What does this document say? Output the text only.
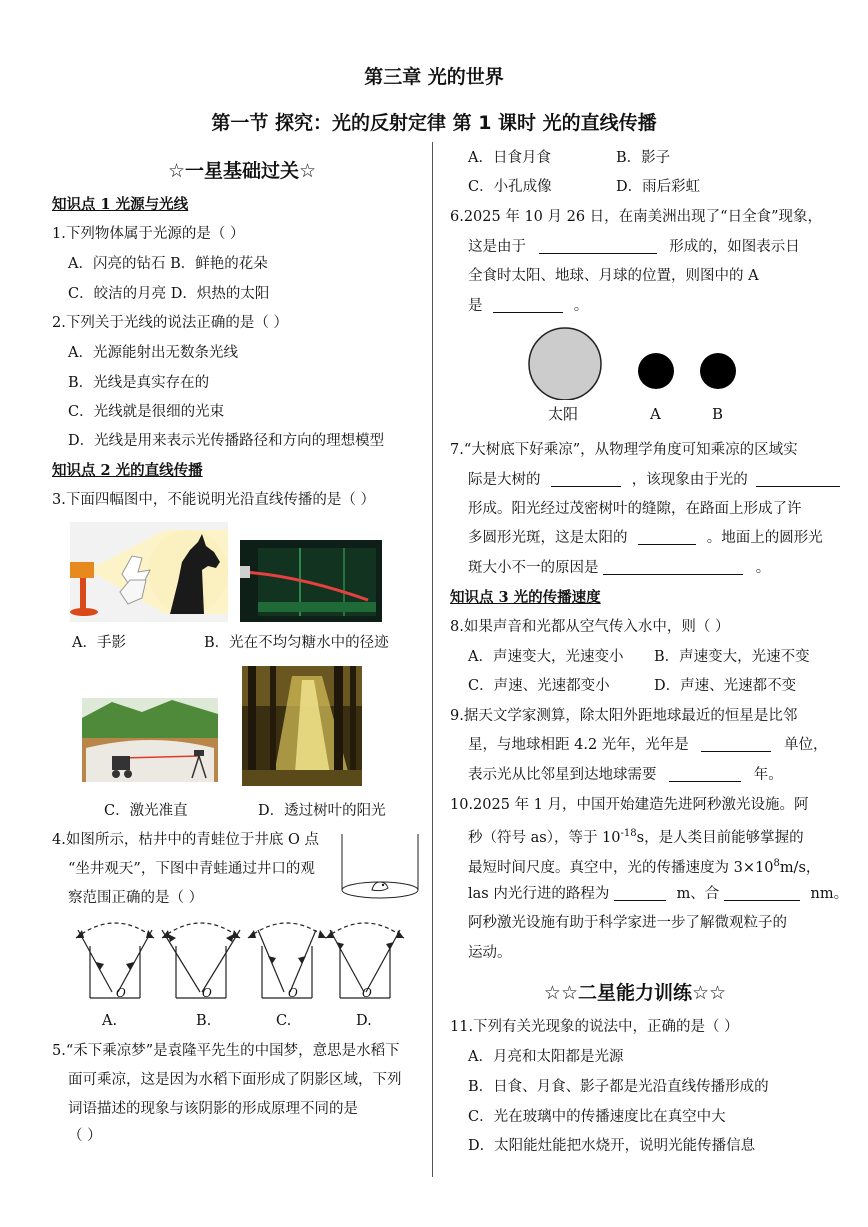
第三章 光的世界
第一节 探究：光的反射定律 第 1 课时 光的直线传播
☆一星基础过关☆
知识点 1 光源与光线
1.下列物体属于光源的是（ ）
A．闪亮的钻石 B．鲜艳的花朵
C．皎洁的月亮 D．炽热的太阳
2.下列关于光线的说法正确的是（ ）
A．光源能射出无数条光线
B．光线是真实存在的
C．光线就是很细的光束
D．光线是用来表示光传播路径和方向的理想模型
知识点 2 光的直线传播
3.下面四幅图中，不能说明光沿直线传播的是（ ）
A．手影	B．光在不均匀糖水中的径迹
C．激光准直	D．透过树叶的阳光
4.如图所示，枯井中的青蛙位于井底 O 点
“坐井观天”，下图中青蛙通过井口的观
察范围正确的是（ ）
O	O	O	O
A.	B.	C.	D.
5.“禾下乘凉梦”是袁隆平先生的中国梦，意思是水稻下
面可乘凉，这是因为水稻下面形成了阴影区域，下列
词语描述的现象与该阴影的形成原理不同的是
（ ）
A．日食月食	B．影子
C．小孔成像	D．雨后彩虹
6.2025 年 10 月 26 日，在南美洲出现了“日全食”现象，
这是由于	形成的，如图表示日
全食时太阳、地球、月球的位置，则图中的 A
是	。
太阳	A	B
7.“大树底下好乘凉”，从物理学角度可知乘凉的区域实
际是大树的	，该现象由于光的
形成。阳光经过茂密树叶的缝隙，在路面上形成了许
多圆形光斑，这是太阳的	。地面上的圆形光
斑大小不一的原因是	。
知识点 3 光的传播速度
8.如果声音和光都从空气传入水中，则（ ）
A．声速变大，光速变小 B．声速变大，光速不变
C．声速、光速都变小	D．声速、光速都不变
9.据天文学家测算，除太阳外距地球最近的恒星是比邻
星，与地球相距 4.2 光年，光年是	单位，
表示光从比邻星到达地球需要	年。
10.2025 年 1 月，中国开始建造先进阿秒激光设施。阿
秒（符号 as），等于 $10^{-18}s$，是人类目前能够掌握的
最短时间尺度。真空中，光的传播速度为 $3\times 10^8m/s$，
las 内光行进的路程为	m、合	nm。
阿秒激光设施有助于科学家进一步了解微观粒子的
运动。
☆☆二星能力训练☆☆
11.下列有关光现象的说法中，正确的是（ ）
A．月亮和太阳都是光源
B．日食、月食、影子都是光沿直线传播形成的
C．光在玻璃中的传播速度比在真空中大
D．太阳能灶能把水烧开，说明光能传播信息
